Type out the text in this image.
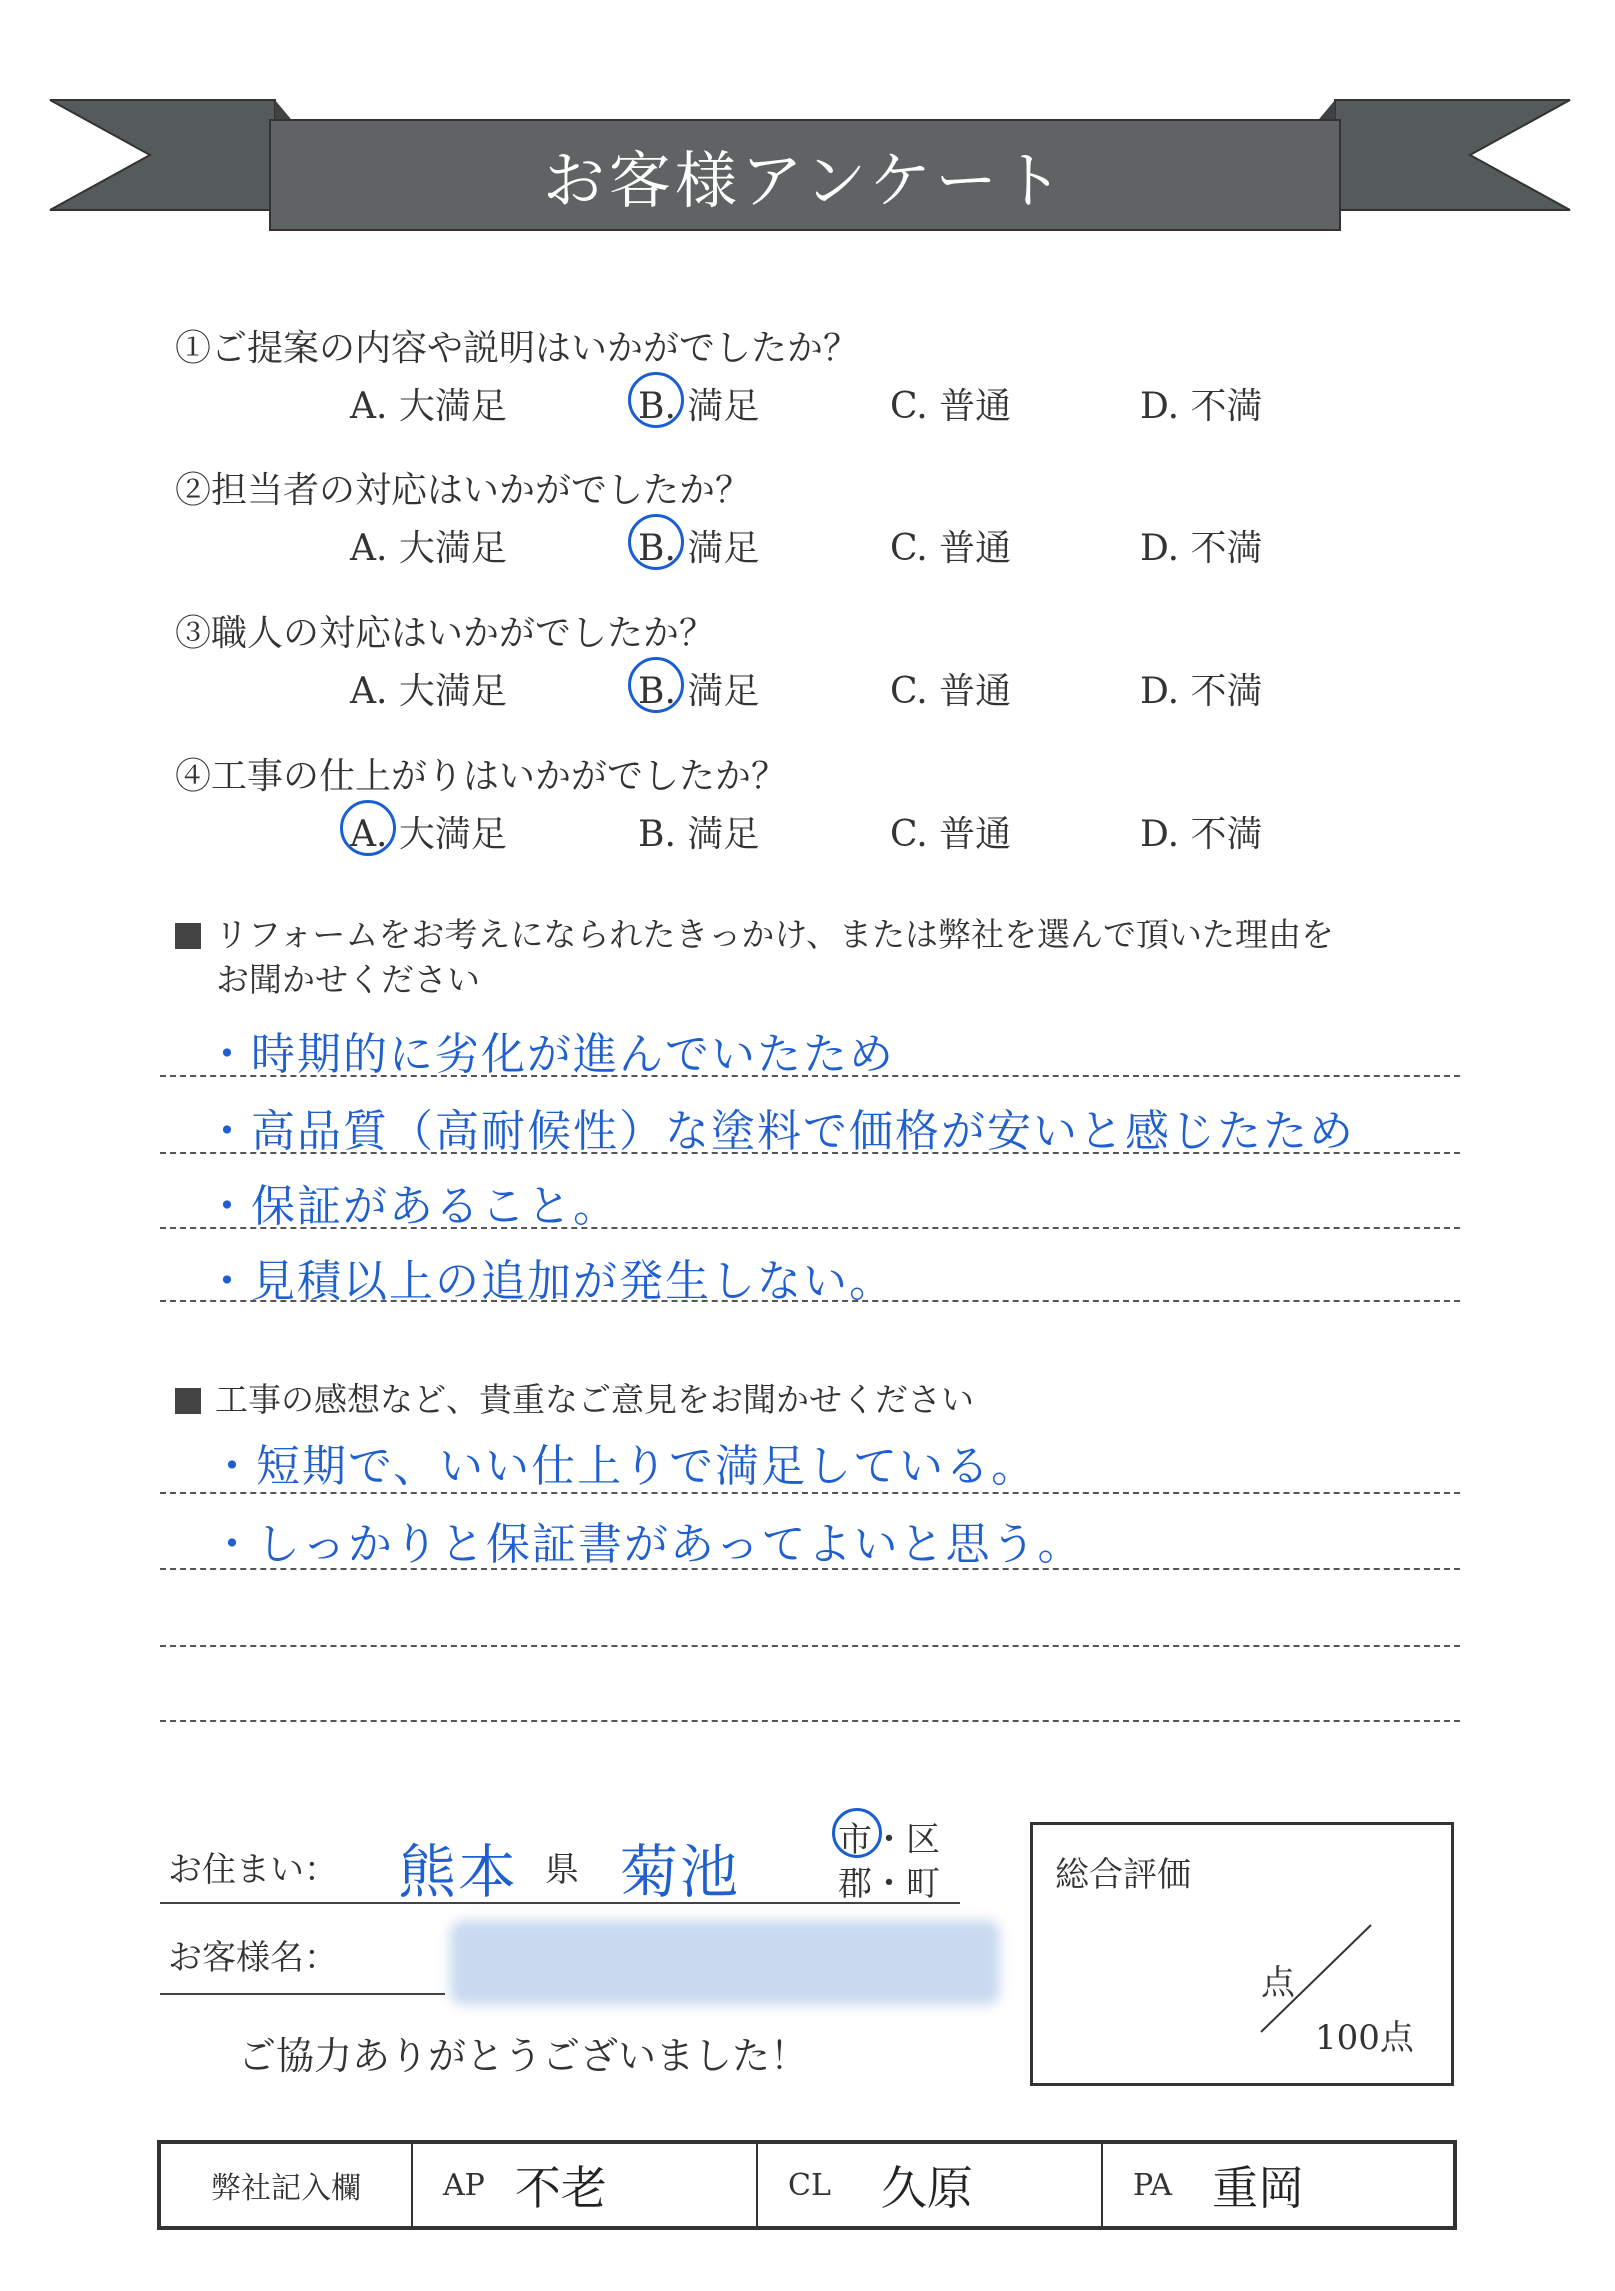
お客様アンケート
①ご提案の内容や説明はいかがでしたか？
A. 大満足	B. 満足	C. 普通	D. 不満
②担当者の対応はいかがでしたか？
A. 大満足	B. 満足	C. 普通	D. 不満
③職人の対応はいかがでしたか？
A. 大満足	B. 満足	C. 普通	D. 不満
④工事の仕上がりはいかがでしたか？
A. 大満足	B. 満足	C. 普通	D. 不満
リフォームをお考えになられたきっかけ、または弊社を選んで頂いた理由を
お聞かせください
・時期的に劣化が進んでいたため
・高品質（高耐候性）な塗料で価格が安いと感じたため
・保証があること。
・見積以上の追加が発生しない。
工事の感想など、貴重なご意見をお聞かせください
・短期で、いい仕上りで満足している。
・しっかりと保証書があってよいと思う。
お住まい： 熊本 県 菊池	市
・区
郡・町
お客様名：
ご協力ありがとうございました！
総合評価
点
100点
弊社記入欄	AP 不老	CL 久原	PA 重岡
